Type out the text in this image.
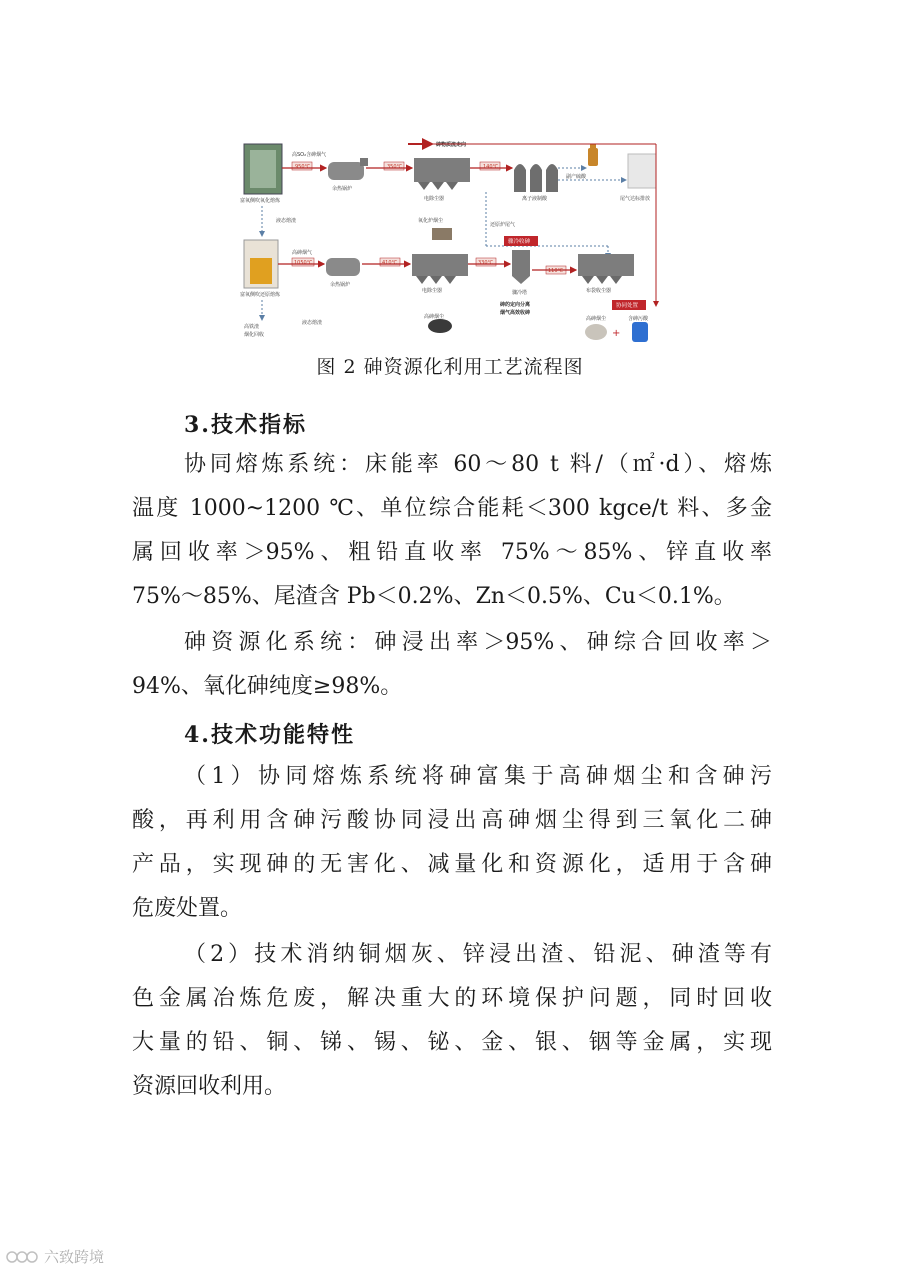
砷物质流走向
富氧侧吹氧化熔炼
高SO₂含砷烟气
950℃
余热锅炉
350℃
电除尘器
140℃
离子液制酸
副产硫酸
尾气达标排放
液态熔渣	氧化炉烟尘
还原炉尾气
富氧侧吹还原熔炼
高砷烟气
1050℃
余热锅炉
410℃
电除尘器
330℃
骤冷收砷
骤冷塔
砷的定向分离
烟气高效收砷
110℃
布袋收尘器
高铁渣
烟化回收
液态熔渣
高砷烟尘
协同处置
高砷烟尘	含砷污酸
+
图 2 砷资源化利用工艺流程图
3.技术指标
协同熔炼系统：床能率 60～80 t 料/（㎡·d）、熔炼
温度 1000~1200 ℃、单位综合能耗＜300 kgce/t 料、多金
属回收率＞95%、粗铅直收率 75%～85%、锌直收率
75%～85%、尾渣含 Pb＜0.2%、Zn＜0.5%、Cu＜0.1%。
砷资源化系统：砷浸出率＞95%、砷综合回收率＞
94%、氧化砷纯度≥98%。
4.技术功能特性
（1）协同熔炼系统将砷富集于高砷烟尘和含砷污
酸，再利用含砷污酸协同浸出高砷烟尘得到三氧化二砷
产品，实现砷的无害化、减量化和资源化，适用于含砷
危废处置。
（2）技术消纳铜烟灰、锌浸出渣、铅泥、砷渣等有
色金属冶炼危废，解决重大的环境保护问题，同时回收
大量的铅、铜、锑、锡、铋、金、银、铟等金属，实现
资源回收利用。
六致跨境
